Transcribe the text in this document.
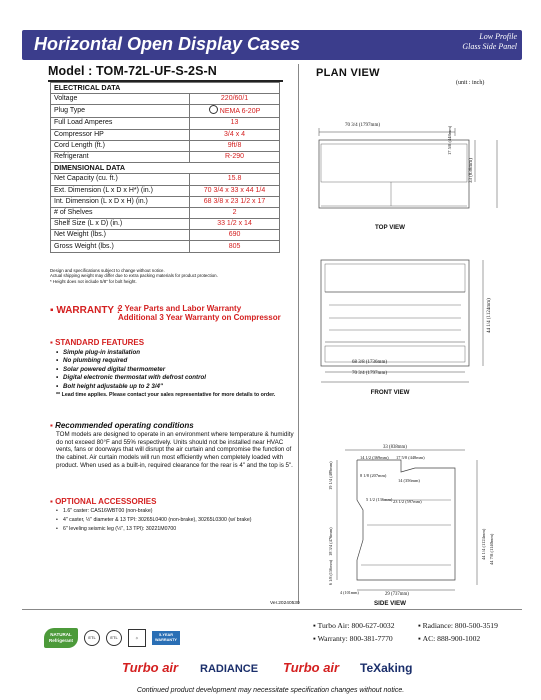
Horizontal Open Display Cases	Low Profile
Glass Side Panel
Model : TOM-72L-UF-S-2S-N
ELECTRICAL DATA	
Voltage	220/60/1
Plug Type	NEMA 6-20P
Full Load Amperes	13
Compressor HP	3/4 x 4
Cord Length (ft.)	9ft/8
Refrigerant	R-290
DIMENSIONAL DATA	
Net Capacity (cu. ft.)	15.8
Ext. Dimension (L x D x H*) (in.)	70 3/4 x 33 x 44 1/4
Int. Dimension (L x D x H) (in.)	68 3/8 x 23 1/2 x 17
# of Shelves	2
Shelf Size (L x D) (in.)	33 1/2 x 14
Net Weight (lbs.)	690
Gross Weight (lbs.)	805
Design and specifications subject to change without notice.
Actual shipping weight may differ due to extra packing materials for product protection.
* Height does not include 5/8" for bolt height.
▪ WARRANTY :
2 Year Parts and Labor Warranty
Additional 3 Year Warranty on Compressor
▪ STANDARD FEATURES
• Simple plug-in installation
• No plumbing required
• Solar powered digital thermometer
• Digital electronic thermostat with defrost control
• Bolt height adjustable up to 2 3/4"
** Lead time applies. Please contact your sales representative for more details to order.
▪ Recommended operating conditions
TOM models are designed to operate in an environment where temperature & humidity do not exceed 80°F and 55% respectively. Units should not be installed near HVAC vents, fans or doorways that will disrupt the air curtain and compromise the function of the cabinet. Air curtain models will run most efficiently when completely loaded with product. When used as a built-in, required clearance for the rear is 4" and the top is 5".
▪ OPTIONAL ACCESSORIES
• 1.6" caster: CAS16WBT00 (non-brake)
• 4" caster, ½" diameter & 13 TPI: 30265L0400 (non-brake), 30265L0300 (w/ brake)
• 6" leveling seismic leg (½", 13 TPI): 30221M0700
PLAN VIEW
(unit : inch)
70 3/4 (1797mm)
17 5/8 (448mm)
33 (838mm)
TOP VIEW
68 3/8 (1736mm)
70 3/4 (1797mm)
44 1/4 (1124mm)
FRONT VIEW
33 (838mm)
14 1/2 (369mm) 17 5/8 (448mm)
8 1/8 (207mm)
14 (356mm)
5 1/2 (136mm) 23 1/2 (597mm)
19 1/4 (489mm)
18 3/4 (476mm)
6 1/8 (156mm)
4 (101mm)	29 (737mm)
44 1/4 (1124mm) 44 7/8 (1140mm)
SIDE VIEW
Ver.20240530
NATURAL Refrigerant	ETL	ETL	☼	5-YEAR WARRANTY
▪ Turbo Air: 800-627-0032	▪ Radiance: 800-500-3519
▪ Warranty: 800-381-7770	▪ AC: 888-900-1002
Turbo air RADIANCE Turbo air TeXaking
Continued product development may necessitate specification changes without notice.
